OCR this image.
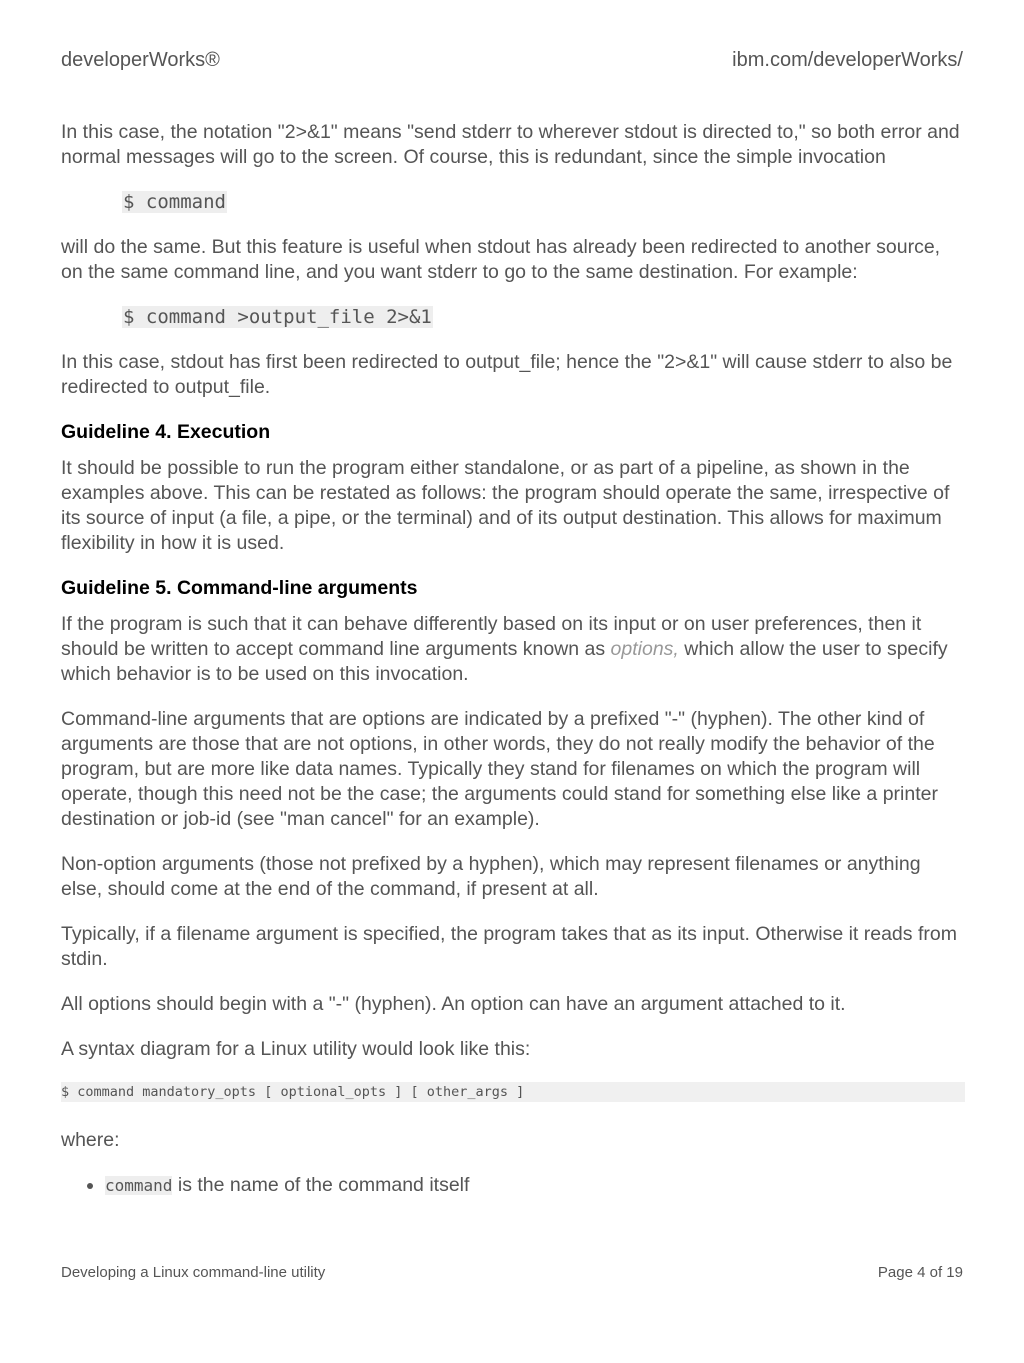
developerWorks®	ibm.com/developerWorks/

In this case, the notation "2>&1" means "send stderr to wherever stdout is directed to," so both error and normal messages will go to the screen. Of course, this is redundant, since the simple invocation

$ command

will do the same. But this feature is useful when stdout has already been redirected to another source, on the same command line, and you want stderr to go to the same destination. For example:

$ command >output_file 2>&1

In this case, stdout has first been redirected to output_file; hence the "2>&1" will cause stderr to also be redirected to output_file.

Guideline 4. Execution

It should be possible to run the program either standalone, or as part of a pipeline, as shown in the examples above. This can be restated as follows: the program should operate the same, irrespective of its source of input (a file, a pipe, or the terminal) and of its output destination. This allows for maximum flexibility in how it is used.

Guideline 5. Command-line arguments

If the program is such that it can behave differently based on its input or on user preferences, then it should be written to accept command line arguments known as options, which allow the user to specify which behavior is to be used on this invocation.

Command-line arguments that are options are indicated by a prefixed "-" (hyphen). The other kind of arguments are those that are not options, in other words, they do not really modify the behavior of the program, but are more like data names. Typically they stand for filenames on which the program will operate, though this need not be the case; the arguments could stand for something else like a printer destination or job-id (see "man cancel" for an example).

Non-option arguments (those not prefixed by a hyphen), which may represent filenames or anything else, should come at the end of the command, if present at all.

Typically, if a filename argument is specified, the program takes that as its input. Otherwise it reads from stdin.

All options should begin with a "-" (hyphen). An option can have an argument attached to it.

A syntax diagram for a Linux utility would look like this:

$ command mandatory_opts [ optional_opts ] [ other_args ]

where:

• command is the name of the command itself
Developing a Linux command-line utility	Page 4 of 19
